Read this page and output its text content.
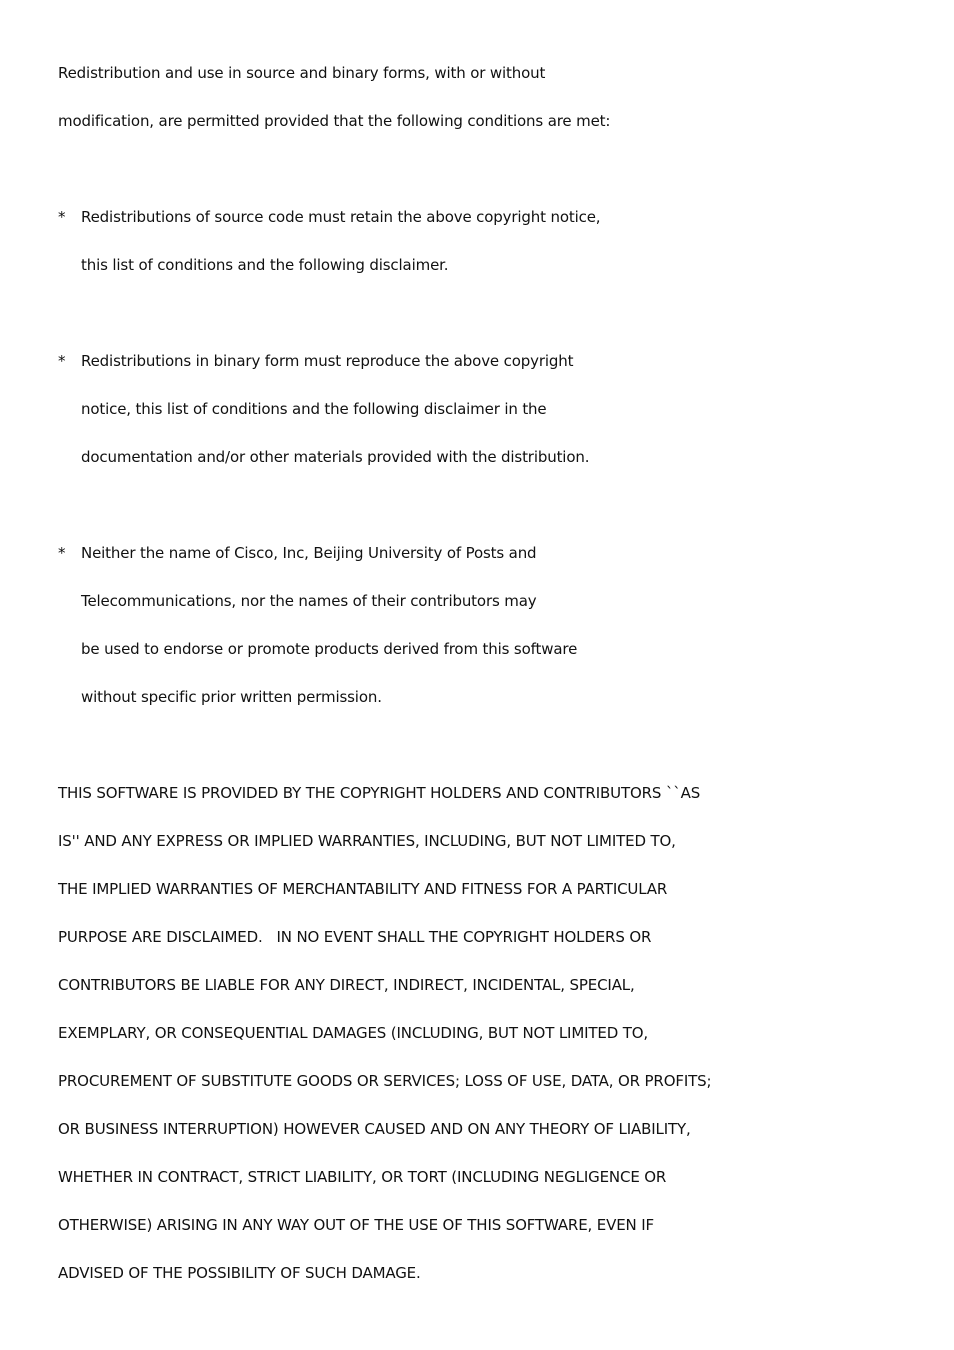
Redistribution and use in source and binary forms, with or without
modification, are permitted provided that the following conditions are met:
*	Redistributions of source code must retain the above copyright notice,
this list of conditions and the following disclaimer.
*	Redistributions in binary form must reproduce the above copyright
notice, this list of conditions and the following disclaimer in the
documentation and/or other materials provided with the distribution.
*	Neither the name of Cisco, Inc, Beijing University of Posts and
Telecommunications, nor the names of their contributors may
be used to endorse or promote products derived from this software
without specific prior written permission.
THIS SOFTWARE IS PROVIDED BY THE COPYRIGHT HOLDERS AND CONTRIBUTORS ``AS
IS'' AND ANY EXPRESS OR IMPLIED WARRANTIES, INCLUDING, BUT NOT LIMITED TO,
THE IMPLIED WARRANTIES OF MERCHANTABILITY AND FITNESS FOR A PARTICULAR
PURPOSE ARE DISCLAIMED.   IN NO EVENT SHALL THE COPYRIGHT HOLDERS OR
CONTRIBUTORS BE LIABLE FOR ANY DIRECT, INDIRECT, INCIDENTAL, SPECIAL,
EXEMPLARY, OR CONSEQUENTIAL DAMAGES (INCLUDING, BUT NOT LIMITED TO,
PROCUREMENT OF SUBSTITUTE GOODS OR SERVICES; LOSS OF USE, DATA, OR PROFITS;
OR BUSINESS INTERRUPTION) HOWEVER CAUSED AND ON ANY THEORY OF LIABILITY,
WHETHER IN CONTRACT, STRICT LIABILITY, OR TORT (INCLUDING NEGLIGENCE OR
OTHERWISE) ARISING IN ANY WAY OUT OF THE USE OF THIS SOFTWARE, EVEN IF
ADVISED OF THE POSSIBILITY OF SUCH DAMAGE.
